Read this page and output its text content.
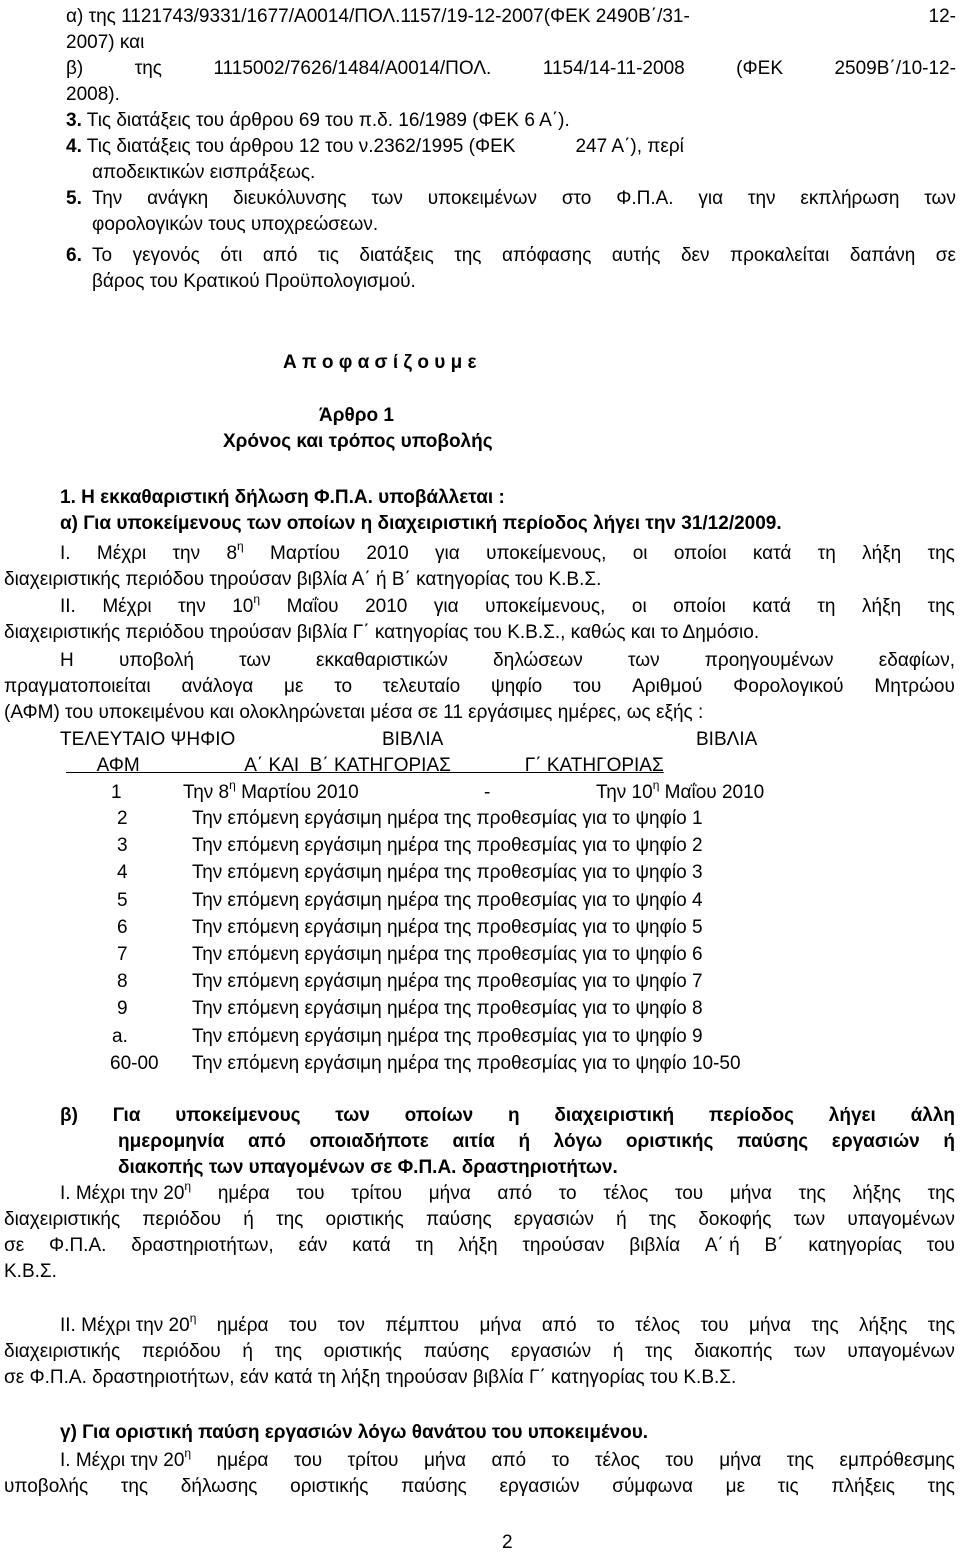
α) της 1121743/9331/1677/Α0014/ΠΟΛ.1157/19-12-2007(ΦΕΚ 2490Β΄/31-	12-
2007) και
β)	της	1115002/7626/1484/Α0014/ΠΟΛ.	1154/14-11-2008	(ΦΕΚ	2509Β΄/10-12-
2008).
3. Τις διατάξεις του άρθρου 69 του π.δ. 16/1989 (ΦΕΚ 6 Α΄).
4. Τις διατάξεις του άρθρου 12 του ν.2362/1995 (ΦΕΚ	247 Α΄), περί
αποδεικτικών εισπράξεως.
5. Την ανάγκη διευκόλυνσης των υποκειμένων στο Φ.Π.Α. για την εκπλήρωση των
φορολογικών τους υποχρεώσεων.
6. Το γεγονός ότι από τις διατάξεις της απόφασης αυτής δεν προκαλείται δαπάνη σε
βάρος του Κρατικού Προϋπολογισμού.
Α π ο φ α σ ί ζ ο υ μ ε
Άρθρο 1
Χρόνος και τρόπος υποβολής
1. Η εκκαθαριστική δήλωση Φ.Π.Α. υποβάλλεται :
α) Για υποκείμενους των οποίων η διαχειριστική περίοδος λήγει την 31/12/2009.
I. Μέχρι την $8^\eta$ Μαρτίου 2010 για υποκείμενους, οι οποίοι κατά τη λήξη της
διαχειριστικής περιόδου τηρούσαν βιβλία Α΄ ή Β΄ κατηγορίας του Κ.Β.Σ.
II. Μέχρι την $10^\eta$ Μαΐου 2010 για υποκείμενους, οι οποίοι κατά τη λήξη της
διαχειριστικής περιόδου τηρούσαν βιβλία Γ΄ κατηγορίας του Κ.Β.Σ., καθώς και το Δημόσιο.
Η υποβολή των εκκαθαριστικών δηλώσεων των προηγουμένων εδαφίων,
πραγματοποιείται ανάλογα με το τελευταίο ψηφίο του Αριθμού Φορολογικού Μητρώου
(ΑΦΜ) του υποκειμένου και ολοκληρώνεται μέσα σε 11 εργάσιμες ημέρες, ως εξής :
ΤΕΛΕΥΤΑΙΟ ΨΗΦΙΟ	ΒΙΒΛΙΑ	ΒΙΒΛΙΑ
ΑΦΜ                    Α΄ ΚΑΙ  Β΄ ΚΑΤΗΓΟΡΙΑΣ              Γ΄ ΚΑΤΗΓΟΡΙΑΣ
1	Την $8^\eta$ Μαρτίου 2010	-	Την $10^\eta$ Μαΐου 2010
2	Την επόμενη εργάσιμη ημέρα της προθεσμίας για το ψηφίο 1
3	Την επόμενη εργάσιμη ημέρα της προθεσμίας για το ψηφίο 2
4	Την επόμενη εργάσιμη ημέρα της προθεσμίας για το ψηφίο 3
5	Την επόμενη εργάσιμη ημέρα της προθεσμίας για το ψηφίο 4
6	Την επόμενη εργάσιμη ημέρα της προθεσμίας για το ψηφίο 5
7	Την επόμενη εργάσιμη ημέρα της προθεσμίας για το ψηφίο 6
8	Την επόμενη εργάσιμη ημέρα της προθεσμίας για το ψηφίο 7
9	Την επόμενη εργάσιμη ημέρα της προθεσμίας για το ψηφίο 8
a.	Την επόμενη εργάσιμη ημέρα της προθεσμίας για το ψηφίο 9
60-00 Την επόμενη εργάσιμη ημέρα της προθεσμίας για το ψηφίο 10-50
β) Για υποκείμενους των οποίων η διαχειριστική περίοδος λήγει άλλη
ημερομηνία από οποιαδήποτε αιτία ή λόγω οριστικής παύσης εργασιών ή
διακοπής των υπαγομένων σε Φ.Π.Α. δραστηριοτήτων.
I. Μέχρι την $20^\eta$ ημέρα του τρίτου μήνα από το τέλος του μήνα της λήξης της
διαχειριστικής περιόδου ή της οριστικής παύσης εργασιών ή της δοκοφής των υπαγομένων
σε Φ.Π.Α. δραστηριοτήτων, εάν κατά τη λήξη τηρούσαν βιβλία Α΄ ή Β΄ κατηγορίας του
Κ.Β.Σ.
II. Μέχρι την $20^\eta$ ημέρα του τον πέμπτου μήνα από το τέλος του μήνα της λήξης της
διαχειριστικής περιόδου ή της οριστικής παύσης εργασιών ή της διακοπής των υπαγομένων
σε Φ.Π.Α. δραστηριοτήτων, εάν κατά τη λήξη τηρούσαν βιβλία Γ΄ κατηγορίας του Κ.Β.Σ.
γ) Για οριστική παύση εργασιών λόγω θανάτου του υποκειμένου.
I. Μέχρι την $20^\eta$ ημέρα του τρίτου μήνα από το τέλος του μήνα της εμπρόθεσμης
υποβολής της δήλωσης οριστικής παύσης εργασιών σύμφωνα με τις πλήξεις της
2
